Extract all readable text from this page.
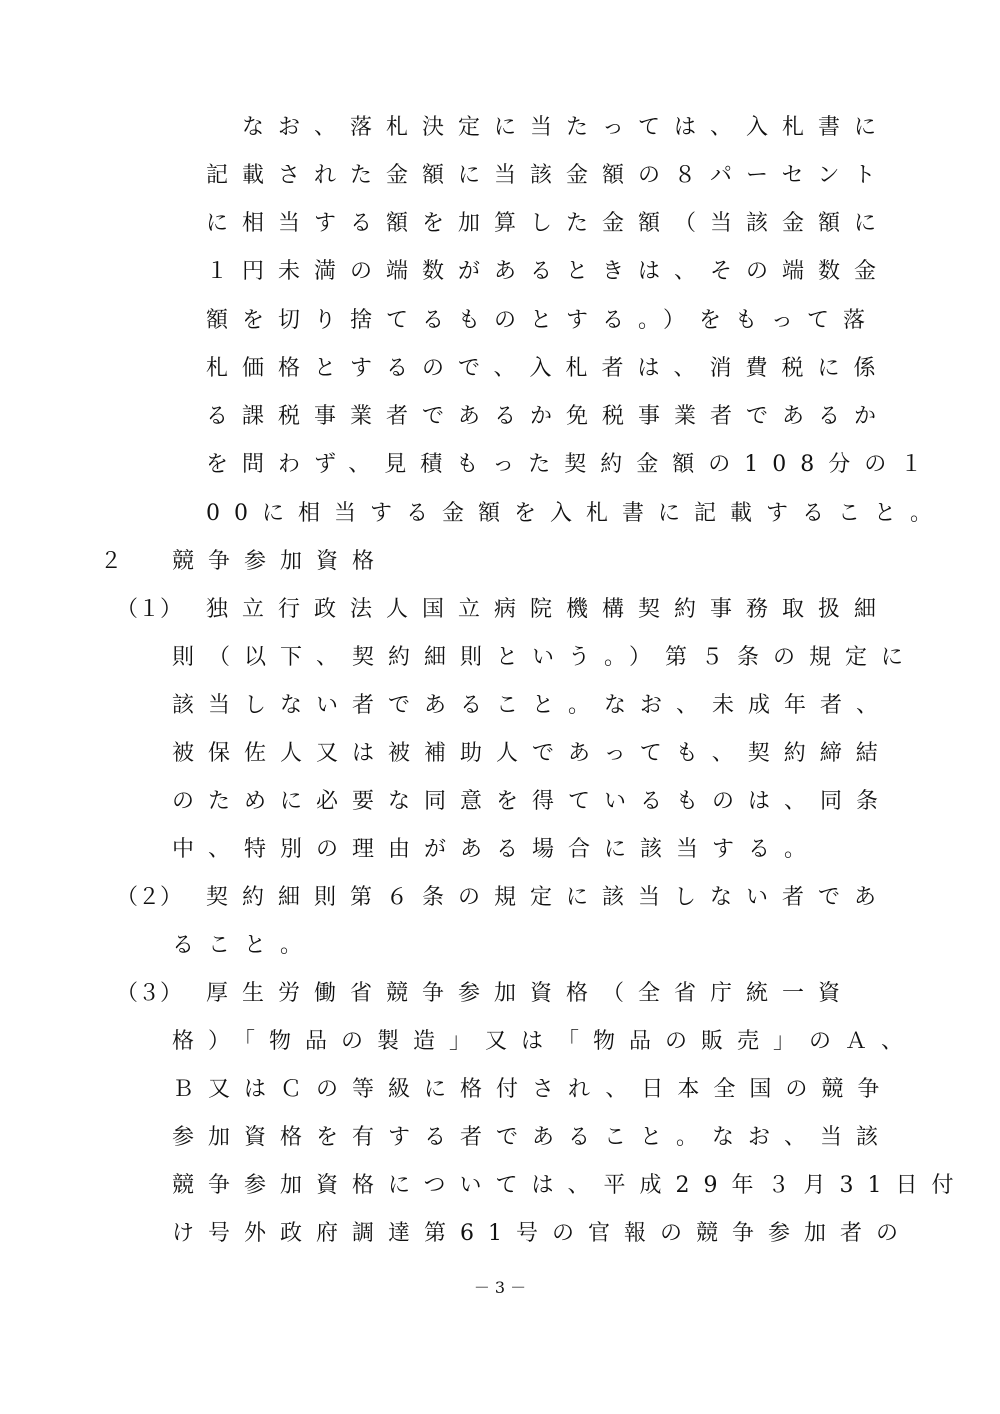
なお、落札決定に当たっては、入札書に
記載された金額に当該金額の８パーセント
に相当する額を加算した金額（当該金額に
１円未満の端数があるときは、その端数金
額を切り捨てるものとする。）をもって落
札価格とするので、入札者は、消費税に係
る課税事業者であるか免税事業者であるか
を問わず、見積もった契約金額の108分の１
00に相当する金額を入札書に記載すること。
２ 競争参加資格
（１） 独立行政法人国立病院機構契約事務取扱細
則（以下、契約細則という。）第５条の規定に
該当しない者であること。なお、未成年者、
被保佐人又は被補助人であっても、契約締結
のために必要な同意を得ているものは、同条
中、特別の理由がある場合に該当する。
（２） 契約細則第６条の規定に該当しない者であ
ること。
（３） 厚生労働省競争参加資格（全省庁統一資
格）「物品の製造」又は「物品の販売」のＡ、
Ｂ又はＣの等級に格付され、日本全国の競争
参加資格を有する者であること。なお、当該
競争参加資格については、平成29年３月31日付
け号外政府調達第61号の官報の競争参加者の
－ 3 －
